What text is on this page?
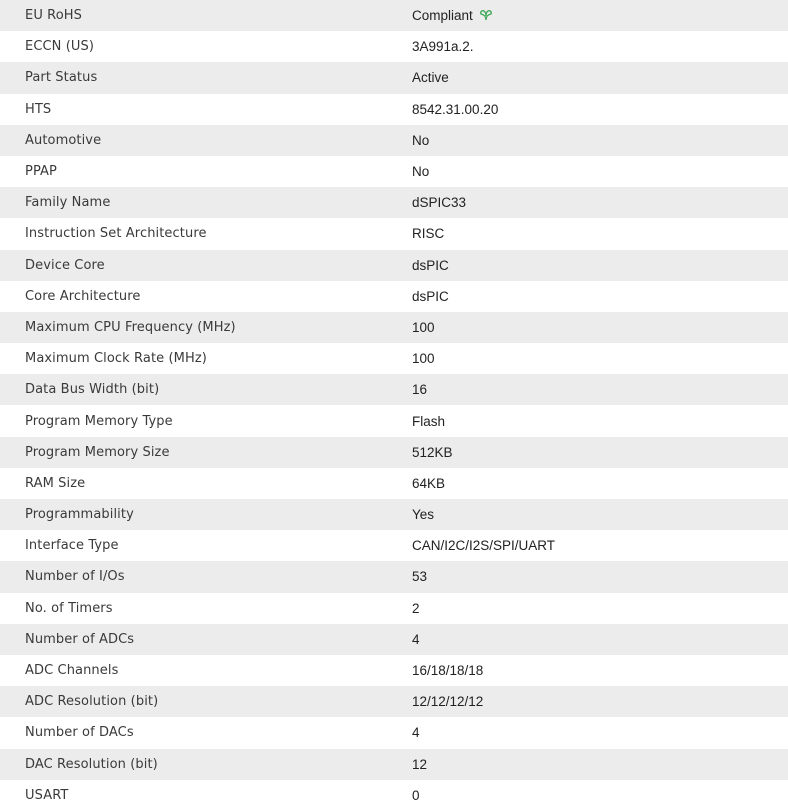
EU RoHS	Compliant
ECCN (US)	3A991a.2.
Part Status	Active
HTS	8542.31.00.20
Automotive	No
PPAP	No
Family Name	dSPIC33
Instruction Set Architecture	RISC
Device Core	dsPIC
Core Architecture	dsPIC
Maximum CPU Frequency (MHz)	100
Maximum Clock Rate (MHz)	100
Data Bus Width (bit)	16
Program Memory Type	Flash
Program Memory Size	512KB
RAM Size	64KB
Programmability	Yes
Interface Type	CAN/I2C/I2S/SPI/UART
Number of I/Os	53
No. of Timers	2
Number of ADCs	4
ADC Channels	16/18/18/18
ADC Resolution (bit)	12/12/12/12
Number of DACs	4
DAC Resolution (bit)	12
USART	0
